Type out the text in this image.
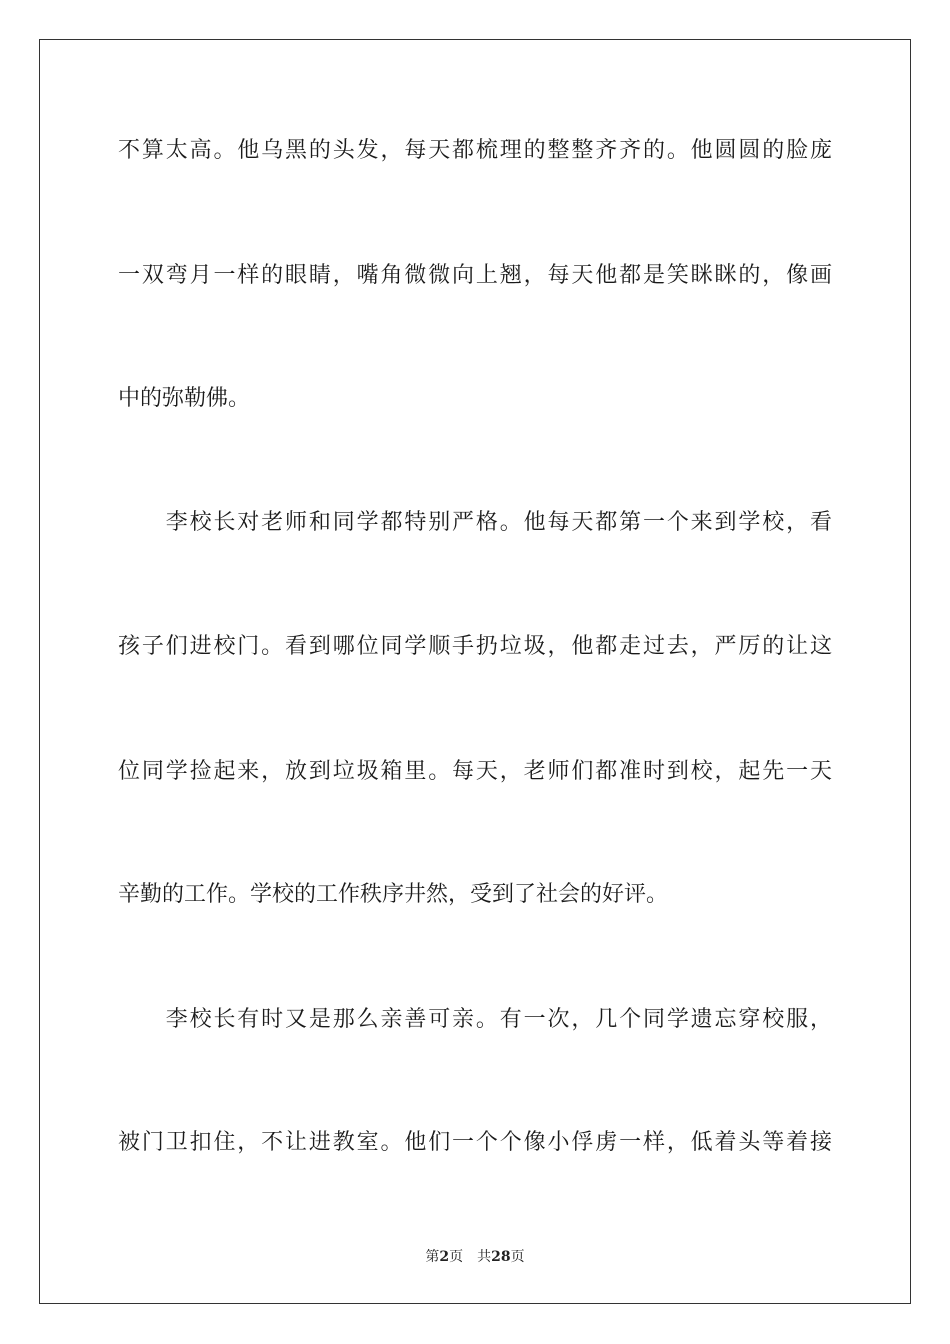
不算太高。他乌黑的头发，每天都梳理的整整齐齐的。他圆圆的脸庞
一双弯月一样的眼睛，嘴角微微向上翘，每天他都是笑眯眯的，像画
中的弥勒佛。
　　李校长对老师和同学都特别严格。他每天都第一个来到学校，看
孩子们进校门。看到哪位同学顺手扔垃圾，他都走过去，严厉的让这
位同学捡起来，放到垃圾箱里。每天，老师们都准时到校，起先一天
辛勤的工作。学校的工作秩序井然，受到了社会的好评。
　　李校长有时又是那么亲善可亲。有一次，几个同学遗忘穿校服，
被门卫扣住，不让进教室。他们一个个像小俘虏一样，低着头等着接
第2页 共28页
